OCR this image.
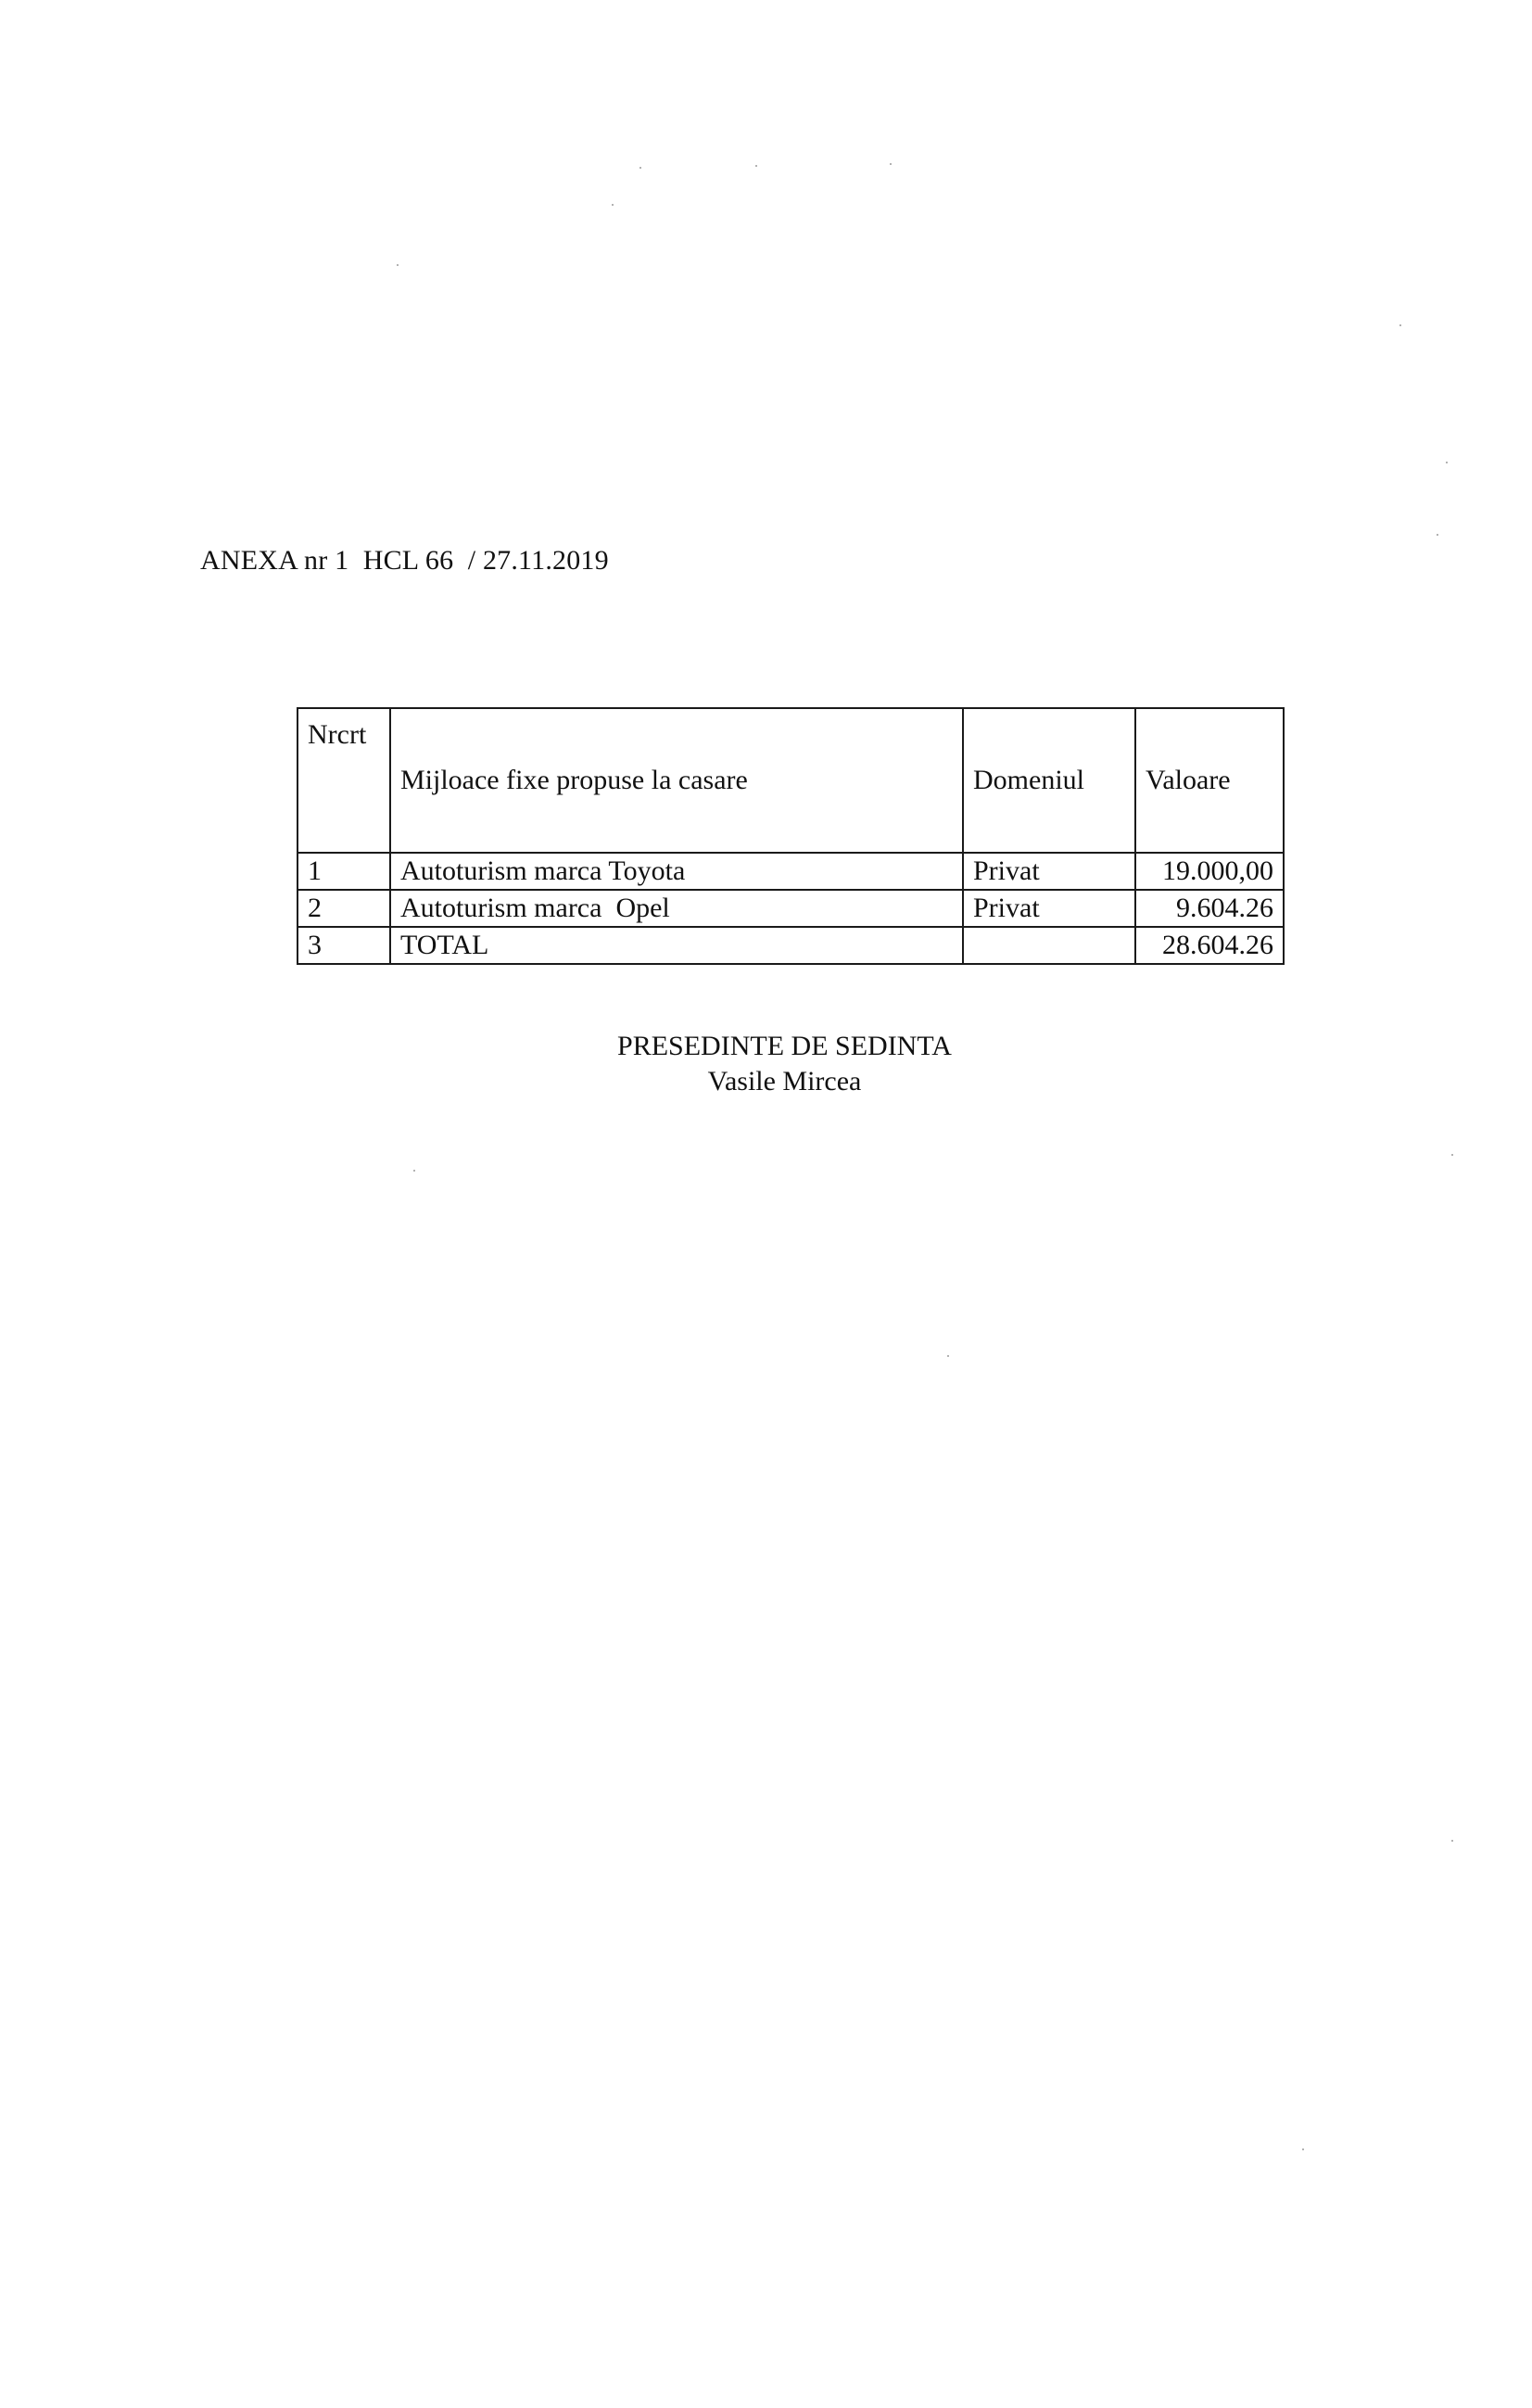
ANEXA nr 1  HCL 66  / 27.11.2019
Nrcrt	Mijloace fixe propuse la casare	Domeniul	Valoare
1	Autoturism marca Toyota	Privat	19.000,00
2	Autoturism marca  Opel	Privat	9.604.26
3	TOTAL		28.604.26
PRESEDINTE DE SEDINTA
Vasile Mircea
